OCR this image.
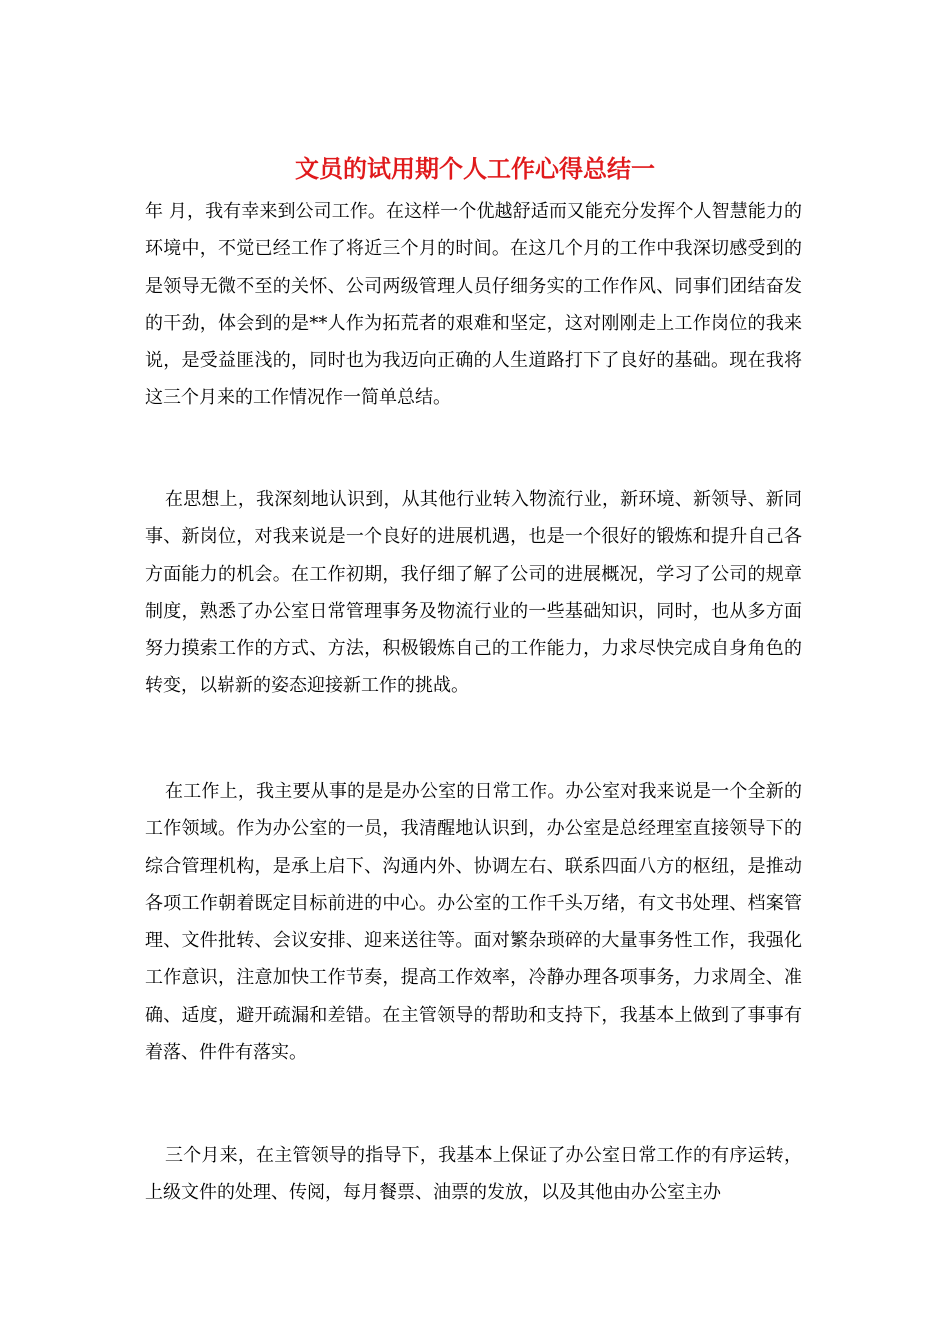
文员的试用期个人工作心得总结一

年 月，我有幸来到公司工作。在这样一个优越舒适而又能充分发挥个人智慧能力的环境中，不觉已经工作了将近三个月的时间。在这几个月的工作中我深切感受到的是领导无微不至的关怀、公司两级管理人员仔细务实的工作作风、同事们团结奋发的干劲，体会到的是**人作为拓荒者的艰难和坚定，这对刚刚走上工作岗位的我来说，是受益匪浅的，同时也为我迈向正确的人生道路打下了良好的基础。现在我将这三个月来的工作情况作一简单总结。

在思想上，我深刻地认识到，从其他行业转入物流行业，新环境、新领导、新同事、新岗位，对我来说是一个良好的进展机遇，也是一个很好的锻炼和提升自己各方面能力的机会。在工作初期，我仔细了解了公司的进展概况，学习了公司的规章制度，熟悉了办公室日常管理事务及物流行业的一些基础知识，同时，也从多方面努力摸索工作的方式、方法，积极锻炼自己的工作能力，力求尽快完成自身角色的转变，以崭新的姿态迎接新工作的挑战。

在工作上，我主要从事的是是办公室的日常工作。办公室对我来说是一个全新的工作领域。作为办公室的一员，我清醒地认识到，办公室是总经理室直接领导下的综合管理机构，是承上启下、沟通内外、协调左右、联系四面八方的枢纽，是推动各项工作朝着既定目标前进的中心。办公室的工作千头万绪，有文书处理、档案管理、文件批转、会议安排、迎来送往等。面对繁杂琐碎的大量事务性工作，我强化工作意识，注意加快工作节奏，提高工作效率，冷静办理各项事务，力求周全、准确、适度，避开疏漏和差错。在主管领导的帮助和支持下，我基本上做到了事事有着落、件件有落实。

三个月来，在主管领导的指导下，我基本上保证了办公室日常工作的有序运转，上级文件的处理、传阅，每月餐票、油票的发放，以及其他由办公室主办
